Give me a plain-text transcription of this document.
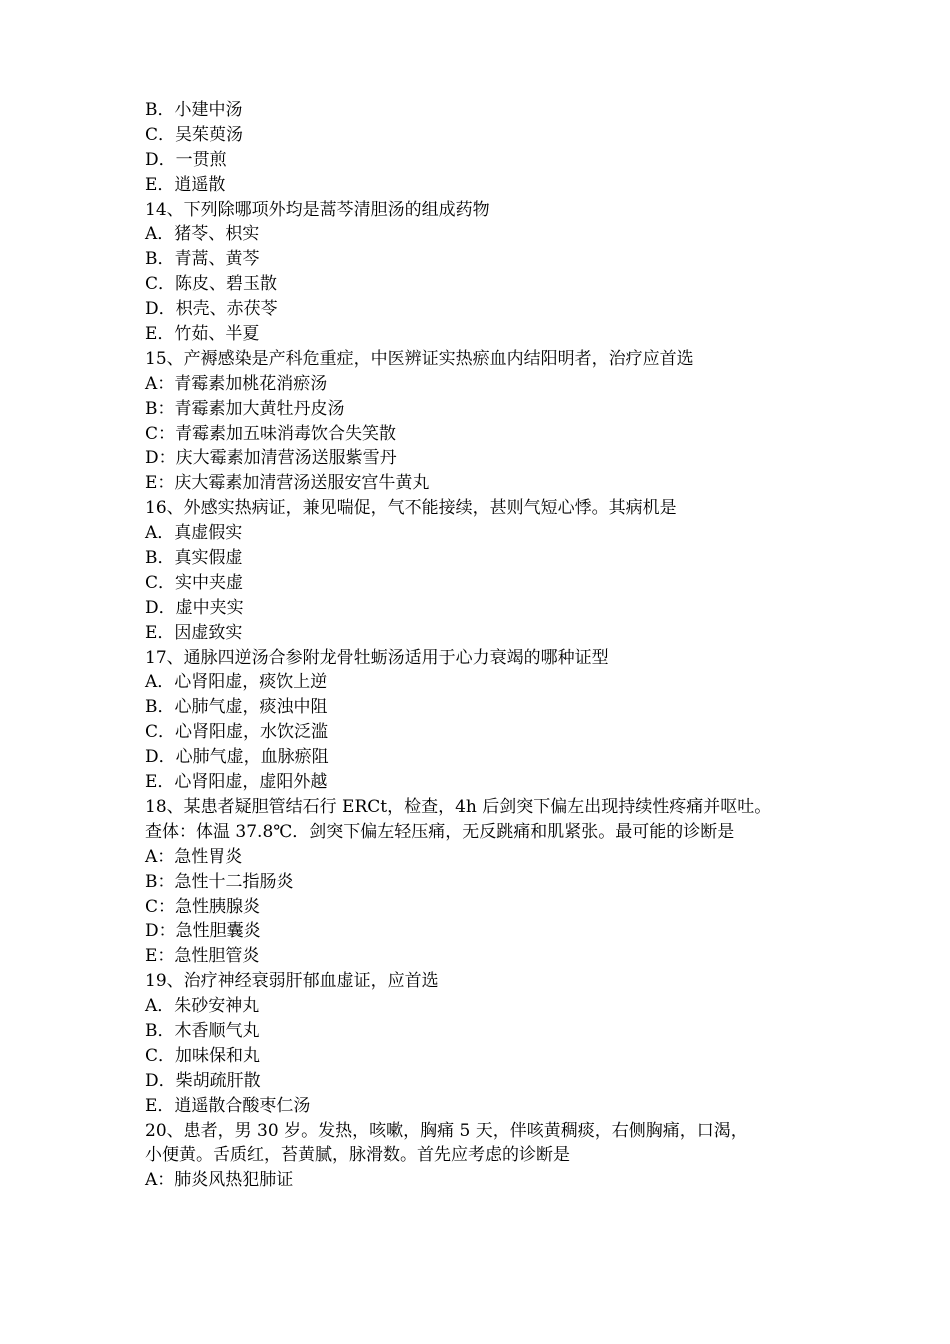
B．小建中汤
C．吴茱萸汤
D．一贯煎
E．逍遥散
14、下列除哪项外均是蒿芩清胆汤的组成药物
A．猪苓、枳实
B．青蒿、黄芩
C．陈皮、碧玉散
D．枳壳、赤茯苓
E．竹茹、半夏
15、产褥感染是产科危重症，中医辨证实热瘀血内结阳明者，治疗应首选
A：青霉素加桃花消瘀汤
B：青霉素加大黄牡丹皮汤
C：青霉素加五味消毒饮合失笑散
D：庆大霉素加清营汤送服紫雪丹
E：庆大霉素加清营汤送服安宫牛黄丸
16、外感实热病证，兼见喘促，气不能接续，甚则气短心悸。其病机是
A．真虚假实
B．真实假虚
C．实中夹虚
D．虚中夹实
E．因虚致实
17、通脉四逆汤合参附龙骨牡蛎汤适用于心力衰竭的哪种证型
A．心肾阳虚，痰饮上逆
B．心肺气虚，痰浊中阻
C．心肾阳虚，水饮泛滥
D．心肺气虚，血脉瘀阻
E．心肾阳虚，虚阳外越
18、某患者疑胆管结石行 ERCt，检查，4h 后剑突下偏左出现持续性疼痛并呕吐。
查体：体温 37.8℃．剑突下偏左轻压痛，无反跳痛和肌紧张。最可能的诊断是
A：急性胃炎
B：急性十二指肠炎
C：急性胰腺炎
D：急性胆囊炎
E：急性胆管炎
19、治疗神经衰弱肝郁血虚证，应首选
A．朱砂安神丸
B．木香顺气丸
C．加味保和丸
D．柴胡疏肝散
E．逍遥散合酸枣仁汤
20、患者，男 30 岁。发热，咳嗽，胸痛 5 天，伴咳黄稠痰，右侧胸痛，口渴，
小便黄。舌质红，苔黄腻，脉滑数。首先应考虑的诊断是
A：肺炎风热犯肺证
